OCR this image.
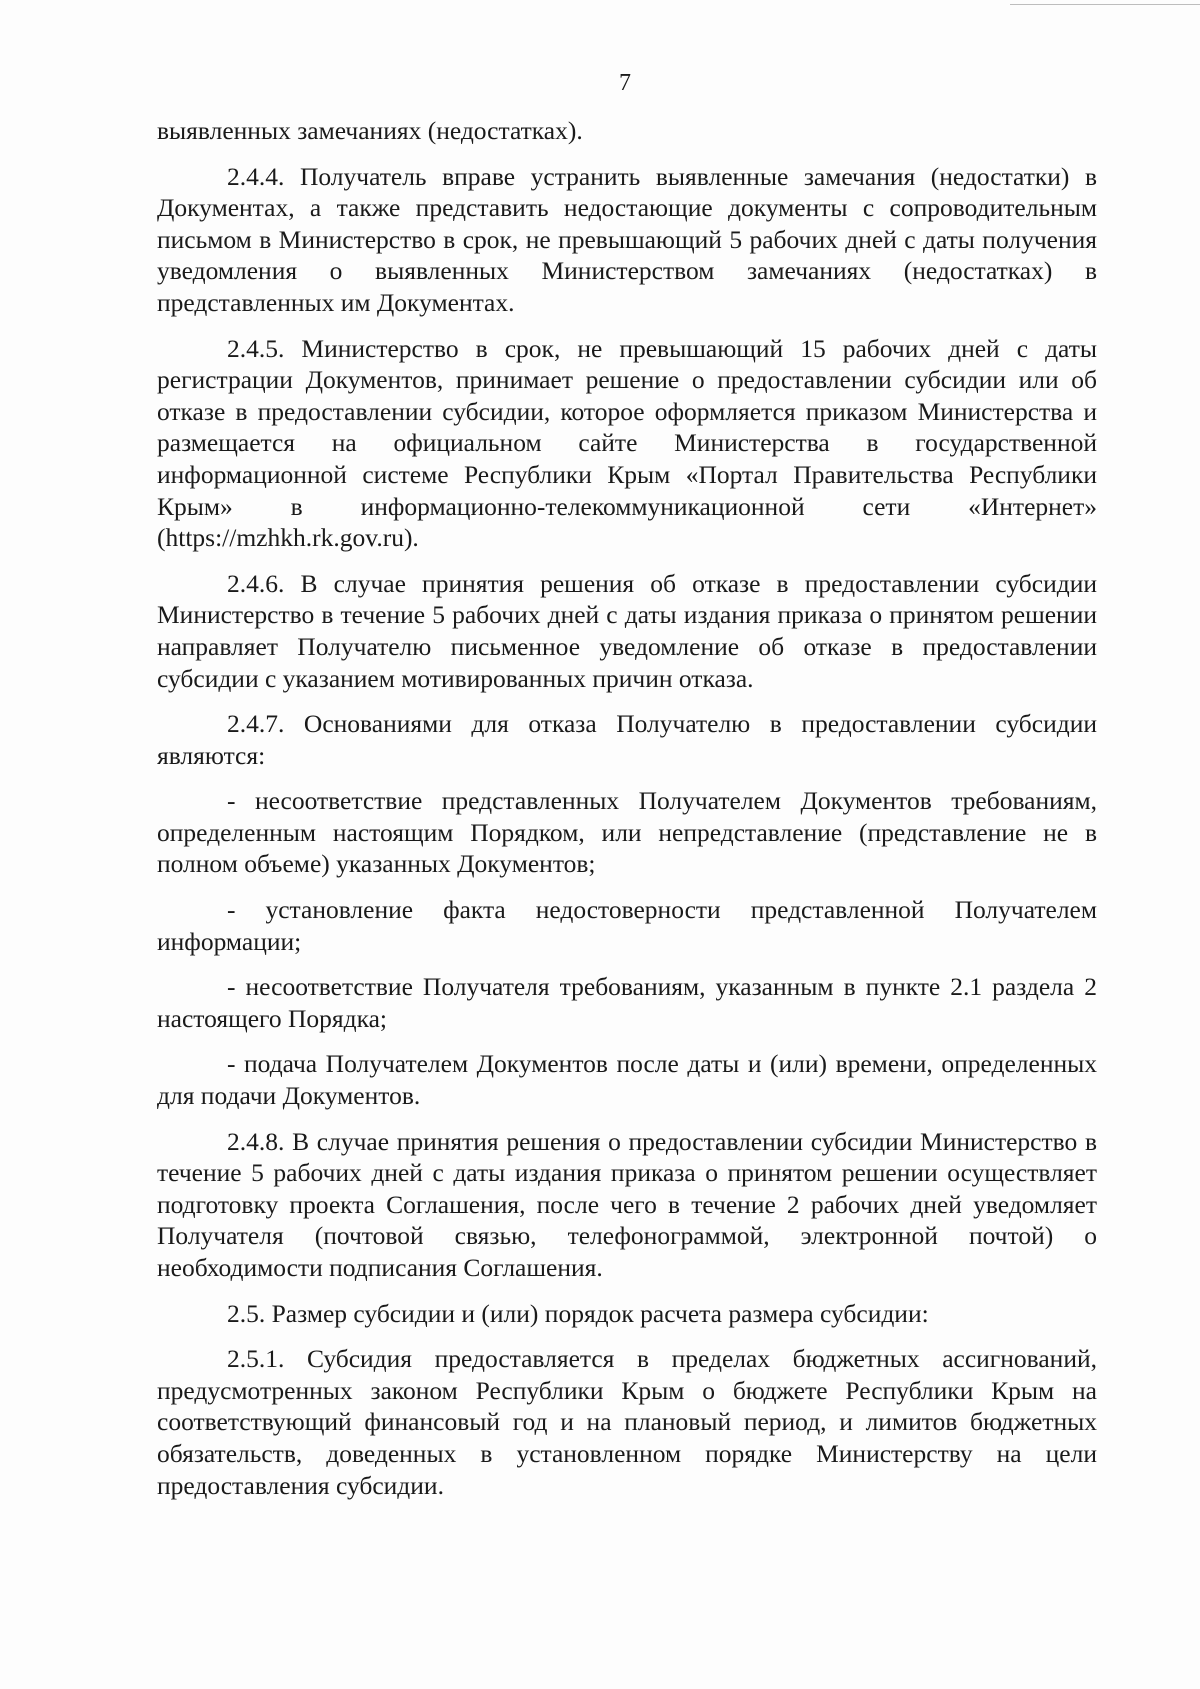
7

выявленных замечаниях (недостатках).

2.4.4. Получатель вправе устранить выявленные замечания (недостатки) в Документах, а также представить недостающие документы с сопроводительным письмом в Министерство в срок, не превышающий 5 рабочих дней с даты получения уведомления о выявленных Министерством замечаниях (недостатках) в представленных им Документах.

2.4.5. Министерство в срок, не превышающий 15 рабочих дней с даты регистрации Документов, принимает решение о предоставлении субсидии или об отказе в предоставлении субсидии, которое оформляется приказом Министерства и размещается на официальном сайте Министерства в государственной информационной системе Республики Крым «Портал Правительства Республики Крым» в информационно-телекоммуникационной сети «Интернет» (https://mzhkh.rk.gov.ru).

2.4.6. В случае принятия решения об отказе в предоставлении субсидии Министерство в течение 5 рабочих дней с даты издания приказа о принятом решении направляет Получателю письменное уведомление об отказе в предоставлении субсидии с указанием мотивированных причин отказа.

2.4.7. Основаниями для отказа Получателю в предоставлении субсидии являются:

- несоответствие представленных Получателем Документов требованиям, определенным настоящим Порядком, или непредставление (представление не в полном объеме) указанных Документов;

- установление факта недостоверности представленной Получателем информации;

- несоответствие Получателя требованиям, указанным в пункте 2.1 раздела 2 настоящего Порядка;

- подача Получателем Документов после даты и (или) времени, определенных для подачи Документов.

2.4.8. В случае принятия решения о предоставлении субсидии Министерство в течение 5 рабочих дней с даты издания приказа о принятом решении осуществляет подготовку проекта Соглашения, после чего в течение 2 рабочих дней уведомляет Получателя (почтовой связью, телефонограммой, электронной почтой) о необходимости подписания Соглашения.

2.5. Размер субсидии и (или) порядок расчета размера субсидии:

2.5.1. Субсидия предоставляется в пределах бюджетных ассигнований, предусмотренных законом Республики Крым о бюджете Республики Крым на соответствующий финансовый год и на плановый период, и лимитов бюджетных обязательств, доведенных в установленном порядке Министерству на цели предоставления субсидии.
